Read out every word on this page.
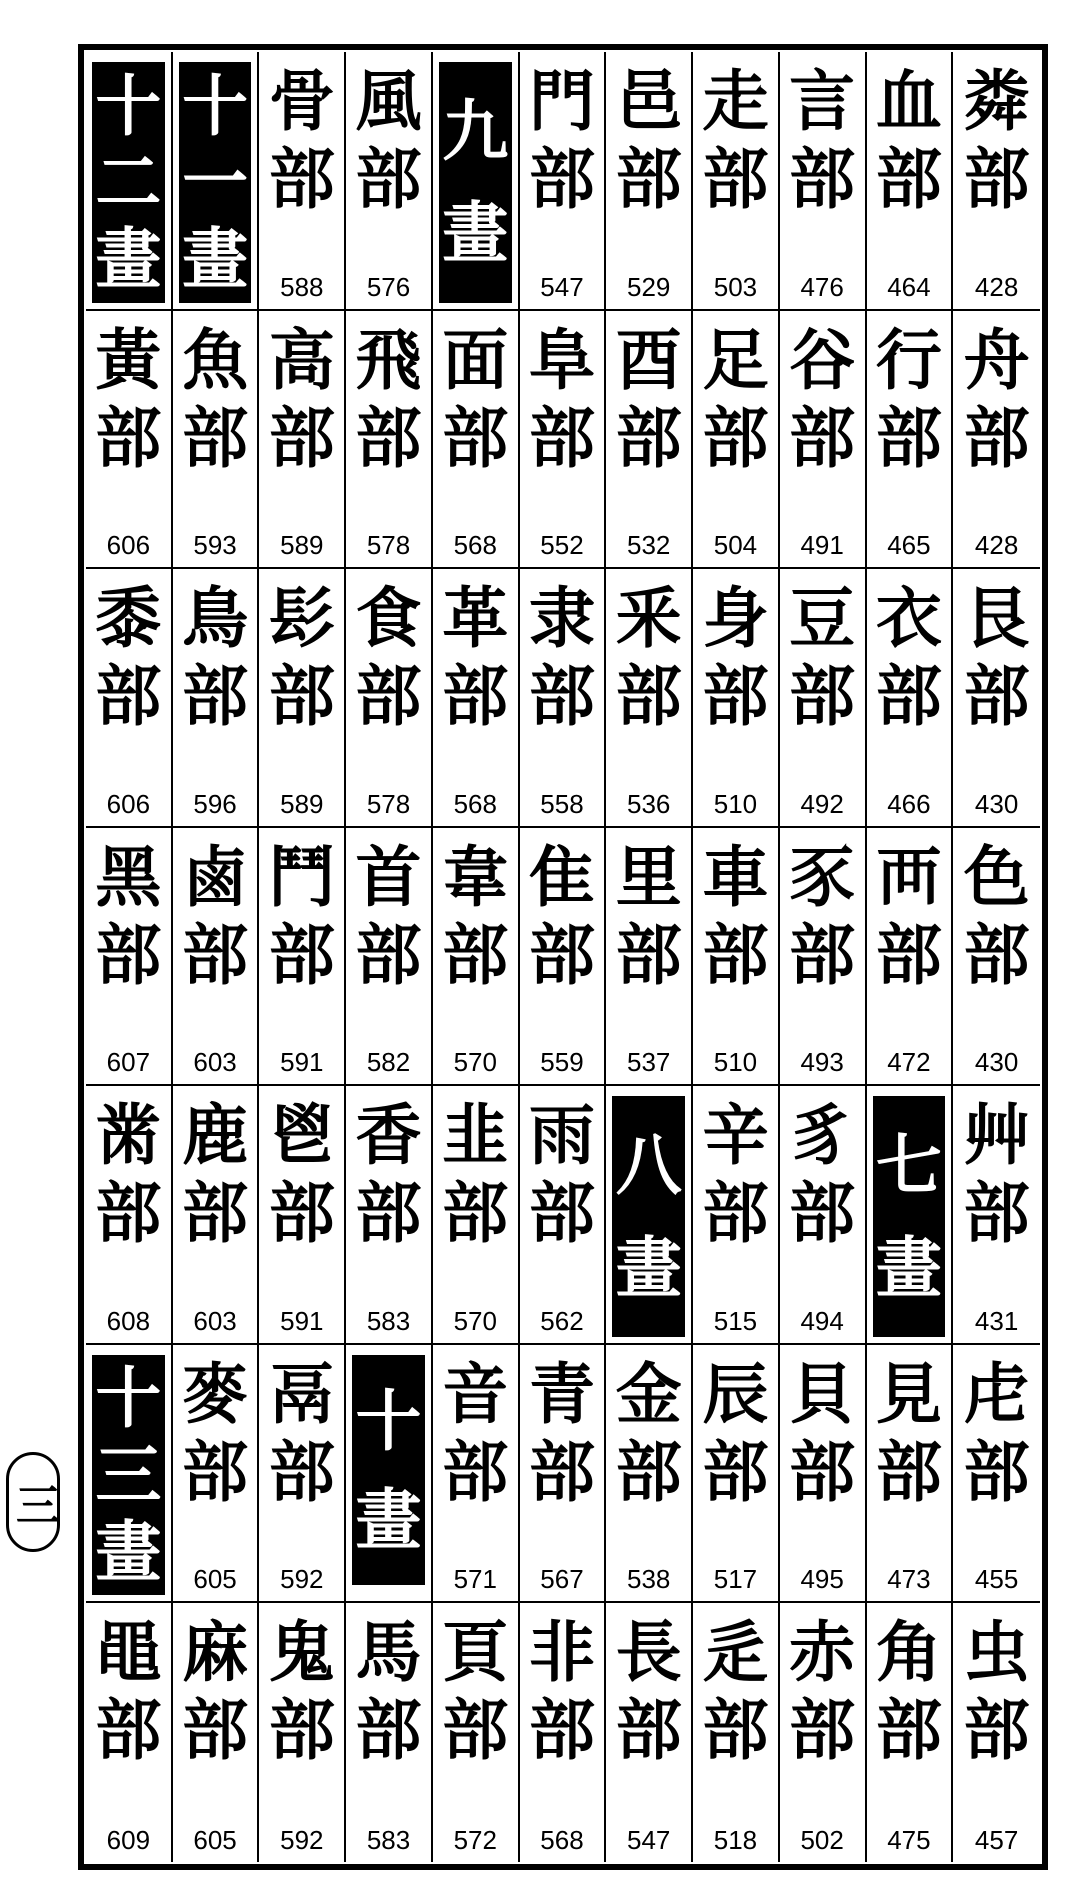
三
十
二
畫
十
一
畫
骨
部
588
風
部
576
九
畫
門
部
547
邑
部
529
走
部
503
言
部
476
血
部
464
粦
部
428
黃
部
606
魚
部
593
高
部
589
飛
部
578
面
部
568
阜
部
552
酉
部
532
足
部
504
谷
部
491
行
部
465
舟
部
428
黍
部
606
鳥
部
596
髟
部
589
食
部
578
革
部
568
隶
部
558
釆
部
536
身
部
510
豆
部
492
衣
部
466
艮
部
430
黑
部
607
鹵
部
603
鬥
部
591
首
部
582
韋
部
570
隹
部
559
里
部
537
車
部
510
豕
部
493
襾
部
472
色
部
430
黹
部
608
鹿
部
603
鬯
部
591
香
部
583
韭
部
570
雨
部
562
八
畫
辛
部
515
豸
部
494
七
畫
艸
部
431
十
三
畫
麥
部
605
鬲
部
592
十
畫
音
部
571
青
部
567
金
部
538
辰
部
517
貝
部
495
見
部
473
虍
部
455
黽
部
609
麻
部
605
鬼
部
592
馬
部
583
頁
部
572
非
部
568
長
部
547
辵
部
518
赤
部
502
角
部
475
虫
部
457
